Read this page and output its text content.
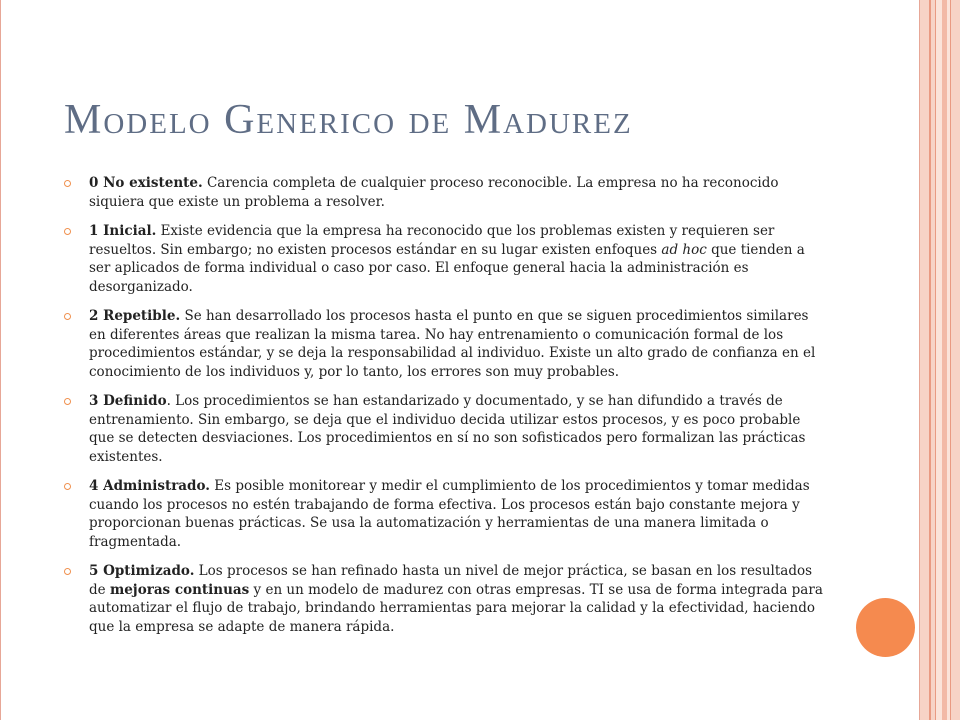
Modelo Generico de Madurez
0 No existente. Carencia completa de cualquier proceso reconocible. La empresa no ha reconocido siquiera que existe un problema a resolver.
1 Inicial. Existe evidencia que la empresa ha reconocido que los problemas existen y requieren ser resueltos. Sin embargo; no existen procesos estándar en su lugar existen enfoques ad hoc que tienden a ser aplicados de forma individual o caso por caso. El enfoque general hacia la administración es desorganizado.
2 Repetible. Se han desarrollado los procesos hasta el punto en que se siguen procedimientos similares en diferentes áreas que realizan la misma tarea. No hay entrenamiento o comunicación formal de los procedimientos estándar, y se deja la responsabilidad al individuo. Existe un alto grado de confianza en el conocimiento de los individuos y, por lo tanto, los errores son muy probables.
3 Definido. Los procedimientos se han estandarizado y documentado, y se han difundido a través de entrenamiento. Sin embargo, se deja que el individuo decida utilizar estos procesos, y es poco probable que se detecten desviaciones. Los procedimientos en sí no son sofisticados pero formalizan las prácticas existentes.
4 Administrado. Es posible monitorear y medir el cumplimiento de los procedimientos y tomar medidas cuando los procesos no estén trabajando de forma efectiva. Los procesos están bajo constante mejora y proporcionan buenas prácticas. Se usa la automatización y herramientas de una manera limitada o fragmentada.
5 Optimizado. Los procesos se han refinado hasta un nivel de mejor práctica, se basan en los resultados de mejoras continuas y en un modelo de madurez con otras empresas. TI se usa de forma integrada para automatizar el flujo de trabajo, brindando herramientas para mejorar la calidad y la efectividad, haciendo que la empresa se adapte de manera rápida.
